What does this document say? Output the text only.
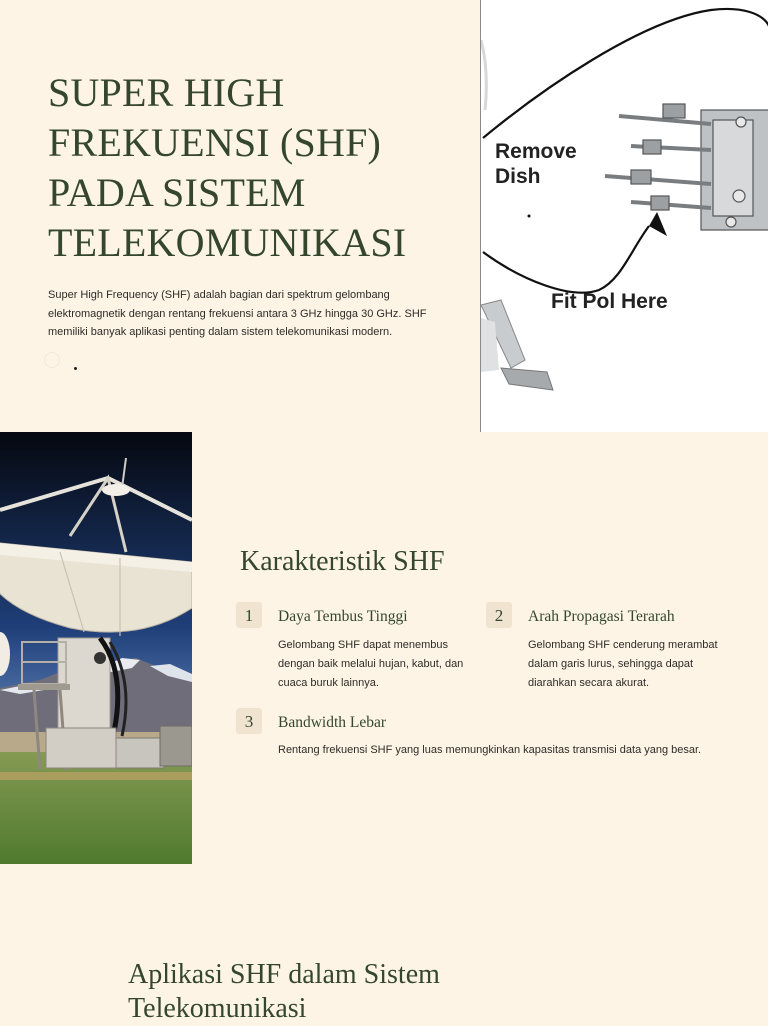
SUPER HIGH
FREKUENSI (SHF)
PADA SISTEM
TELEKOMUNIKASI

Super High Frequency (SHF) adalah bagian dari spektrum gelombang elektromagnetik dengan rentang frekuensi antara 3 GHz hingga 30 GHz. SHF memiliki banyak aplikasi penting dalam sistem telekomunikasi modern.

Remove Dish
Fit Pol Here
Karakteristik SHF
1	Daya Tembus Tinggi

Gelombang SHF dapat menembus dengan baik melalui hujan, kabut, dan cuaca buruk lainnya.

2	Arah Propagasi Terarah

Gelombang SHF cenderung merambat dalam garis lurus, sehingga dapat diarahkan secara akurat.

3	Bandwidth Lebar

Rentang frekuensi SHF yang luas memungkinkan kapasitas transmisi data yang besar.

Aplikasi SHF dalam Sistem
Telekomunikasi
